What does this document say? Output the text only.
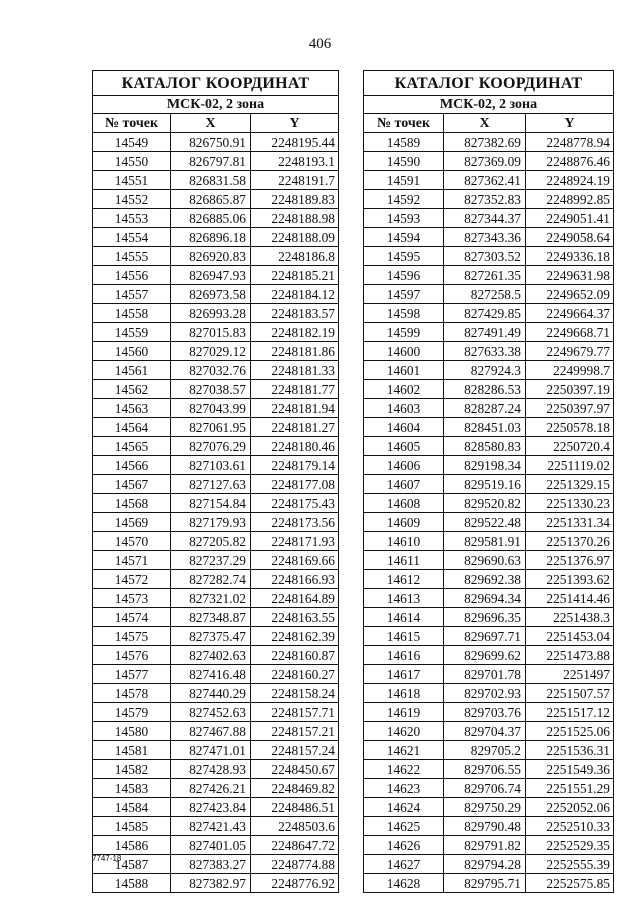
406
КАТАЛОГ КООРДИНАТ		
МСК-02, 2 зона		
№ точек	X	Y
14549	826750.91	2248195.44
14550	826797.81	2248193.1
14551	826831.58	2248191.7
14552	826865.87	2248189.83
14553	826885.06	2248188.98
14554	826896.18	2248188.09
14555	826920.83	2248186.8
14556	826947.93	2248185.21
14557	826973.58	2248184.12
14558	826993.28	2248183.57
14559	827015.83	2248182.19
14560	827029.12	2248181.86
14561	827032.76	2248181.33
14562	827038.57	2248181.77
14563	827043.99	2248181.94
14564	827061.95	2248181.27
14565	827076.29	2248180.46
14566	827103.61	2248179.14
14567	827127.63	2248177.08
14568	827154.84	2248175.43
14569	827179.93	2248173.56
14570	827205.82	2248171.93
14571	827237.29	2248169.66
14572	827282.74	2248166.93
14573	827321.02	2248164.89
14574	827348.87	2248163.55
14575	827375.47	2248162.39
14576	827402.63	2248160.87
14577	827416.48	2248160.27
14578	827440.29	2248158.24
14579	827452.63	2248157.71
14580	827467.88	2248157.21
14581	827471.01	2248157.24
14582	827428.93	2248450.67
14583	827426.21	2248469.82
14584	827423.84	2248486.51
14585	827421.43	2248503.6
14586	827401.05	2248647.72
14587	827383.27	2248774.88
14588	827382.97	2248776.92
КАТАЛОГ КООРДИНАТ		
МСК-02, 2 зона		
№ точек	X	Y
14589	827382.69	2248778.94
14590	827369.09	2248876.46
14591	827362.41	2248924.19
14592	827352.83	2248992.85
14593	827344.37	2249051.41
14594	827343.36	2249058.64
14595	827303.52	2249336.18
14596	827261.35	2249631.98
14597	827258.5	2249652.09
14598	827429.85	2249664.37
14599	827491.49	2249668.71
14600	827633.38	2249679.77
14601	827924.3	2249998.7
14602	828286.53	2250397.19
14603	828287.24	2250397.97
14604	828451.03	2250578.18
14605	828580.83	2250720.4
14606	829198.34	2251119.02
14607	829519.16	2251329.15
14608	829520.82	2251330.23
14609	829522.48	2251331.34
14610	829581.91	2251370.26
14611	829690.63	2251376.97
14612	829692.38	2251393.62
14613	829694.34	2251414.46
14614	829696.35	2251438.3
14615	829697.71	2251453.04
14616	829699.62	2251473.88
14617	829701.78	2251497
14618	829702.93	2251507.57
14619	829703.76	2251517.12
14620	829704.37	2251525.06
14621	829705.2	2251536.31
14622	829706.55	2251549.36
14623	829706.74	2251551.29
14624	829750.29	2252052.06
14625	829790.48	2252510.33
14626	829791.82	2252529.35
14627	829794.28	2252555.39
14628	829795.71	2252575.85
7747-18
